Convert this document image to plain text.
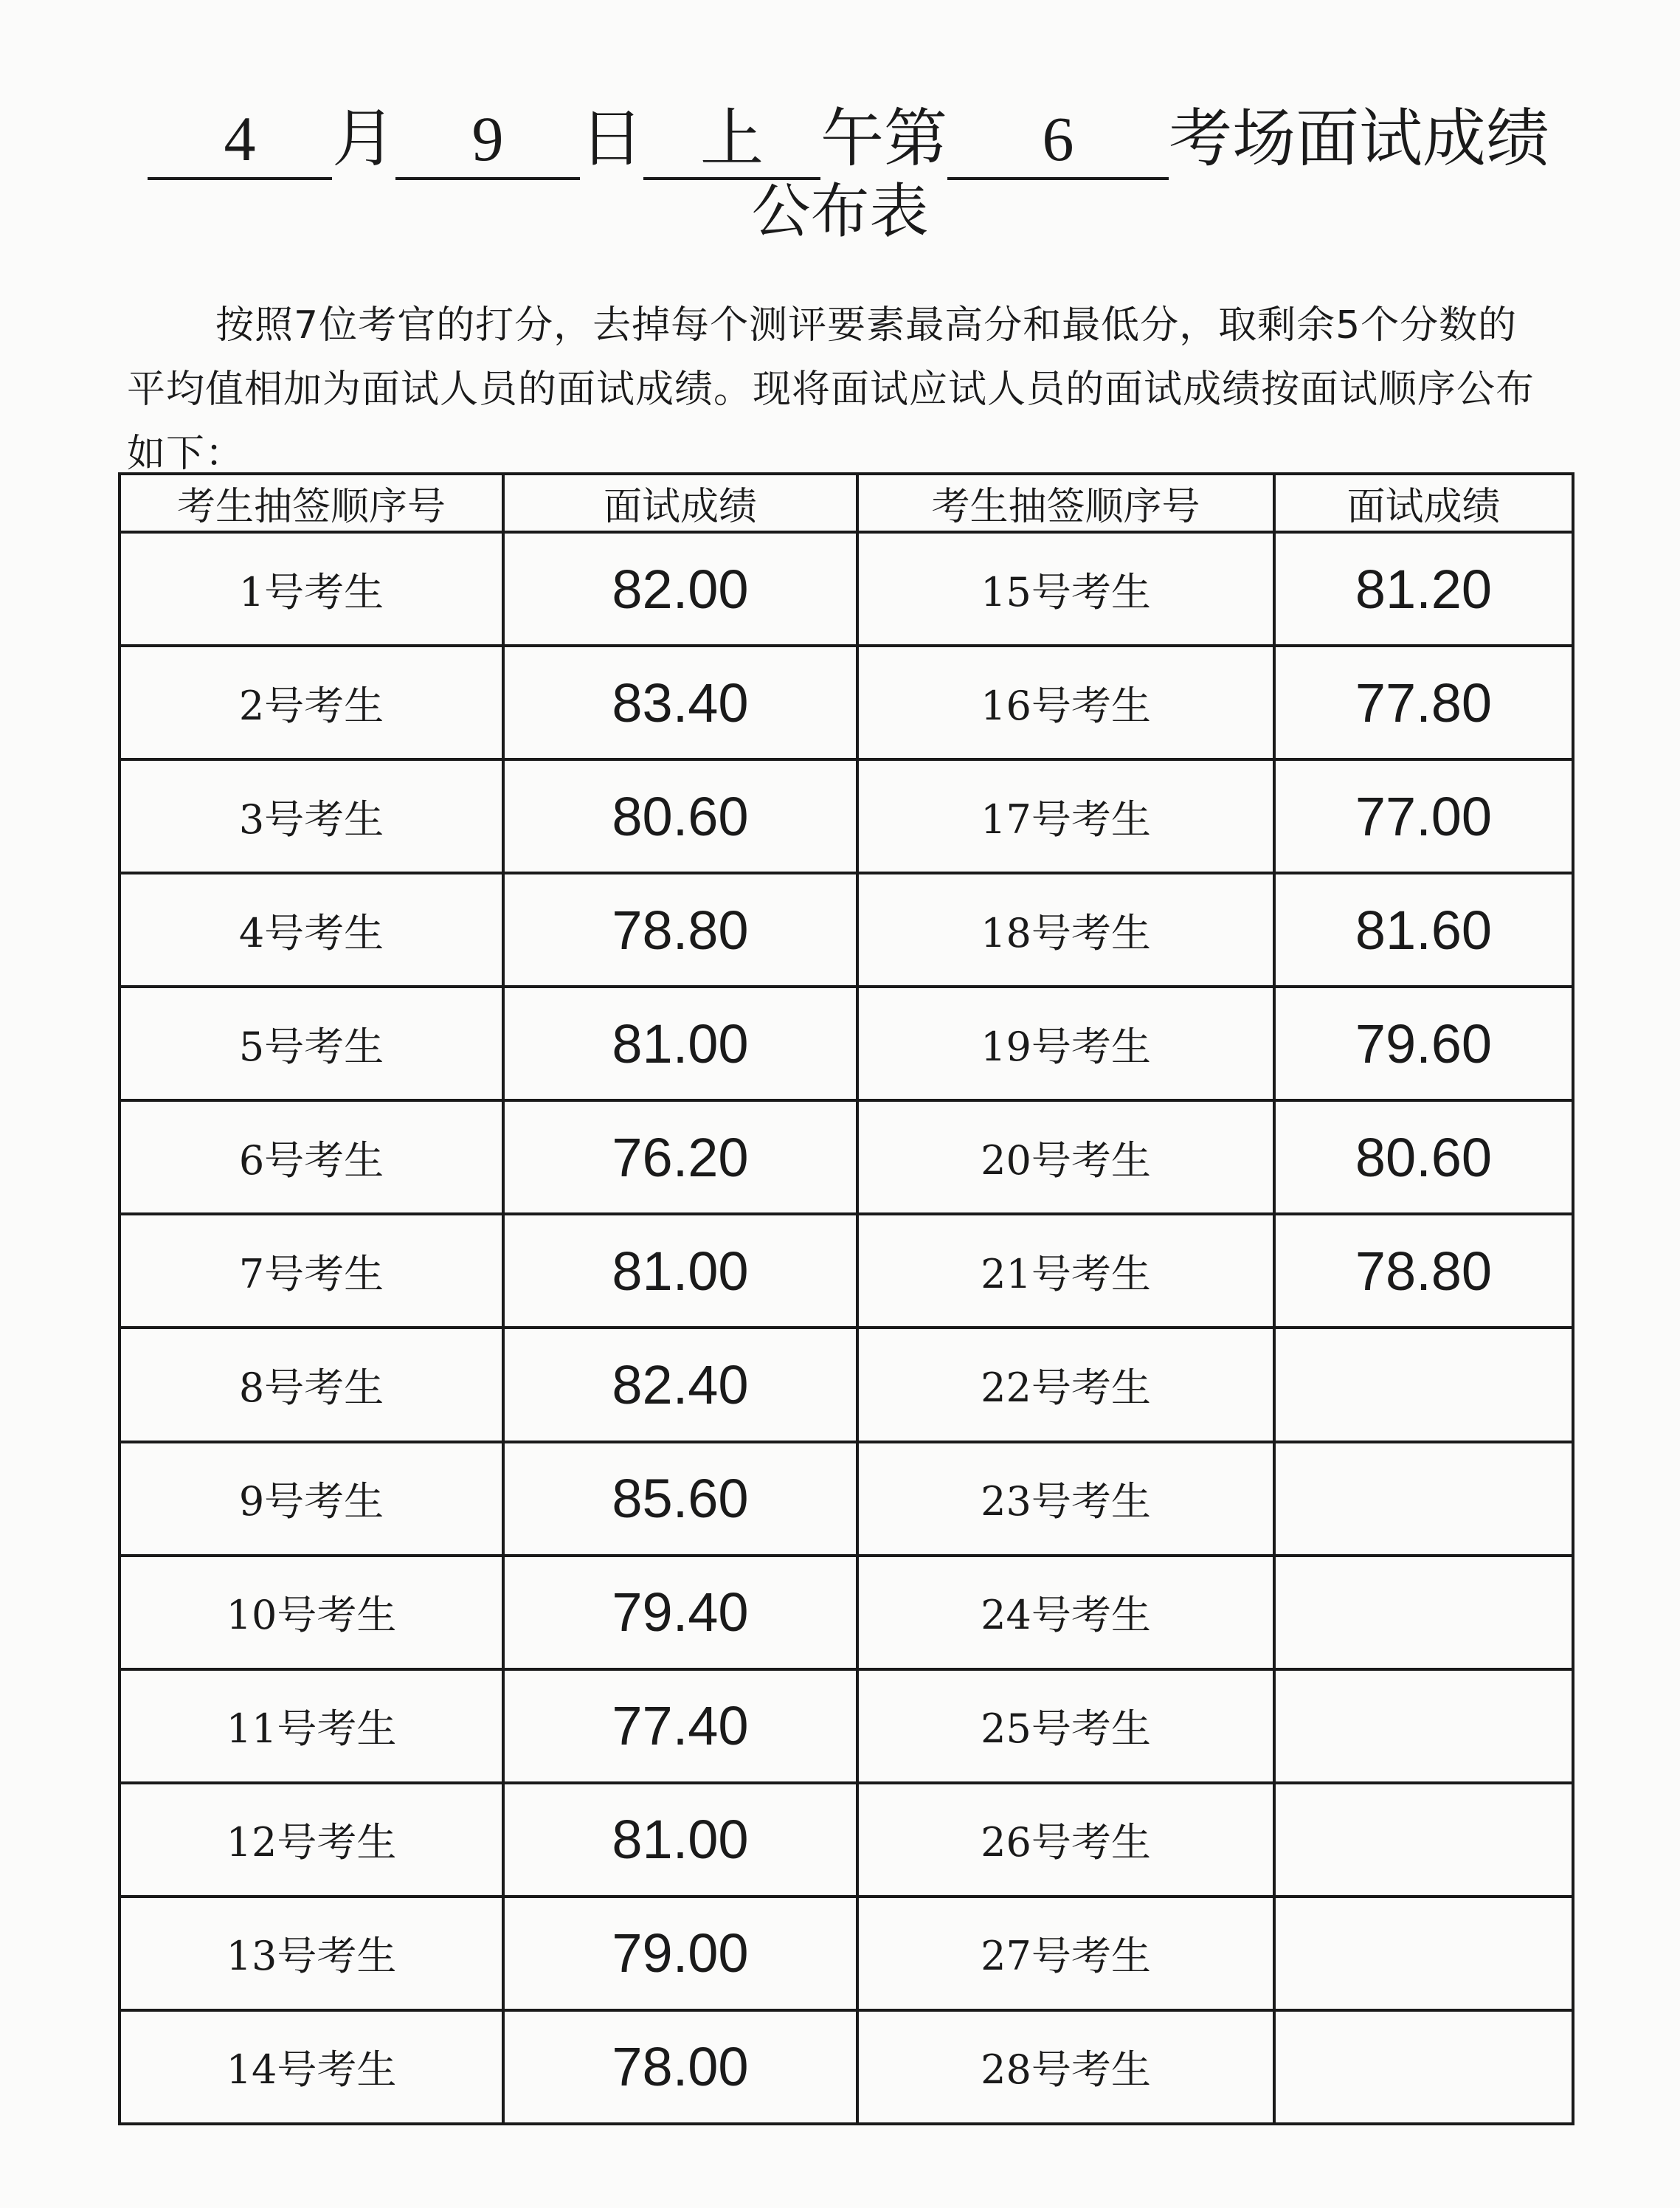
4 月 9 日 上 午第 6 考场面试成绩
公布表

按照7位考官的打分，去掉每个测评要素最高分和最低分，取剩余5个分数的平均值相加为面试人员的面试成绩。现将面试应试人员的面试成绩按面试顺序公布如下：

考生抽签顺序号	面试成绩	考生抽签顺序号	面试成绩
1号考生	82.00	15号考生	81.20
2号考生	83.40	16号考生	77.80
3号考生	80.60	17号考生	77.00
4号考生	78.80	18号考生	81.60
5号考生	81.00	19号考生	79.60
6号考生	76.20	20号考生	80.60
7号考生	81.00	21号考生	78.80
8号考生	82.40	22号考生	
9号考生	85.60	23号考生	
10号考生	79.40	24号考生	
11号考生	77.40	25号考生	
12号考生	81.00	26号考生	
13号考生	79.00	27号考生	
14号考生	78.00	28号考生	
